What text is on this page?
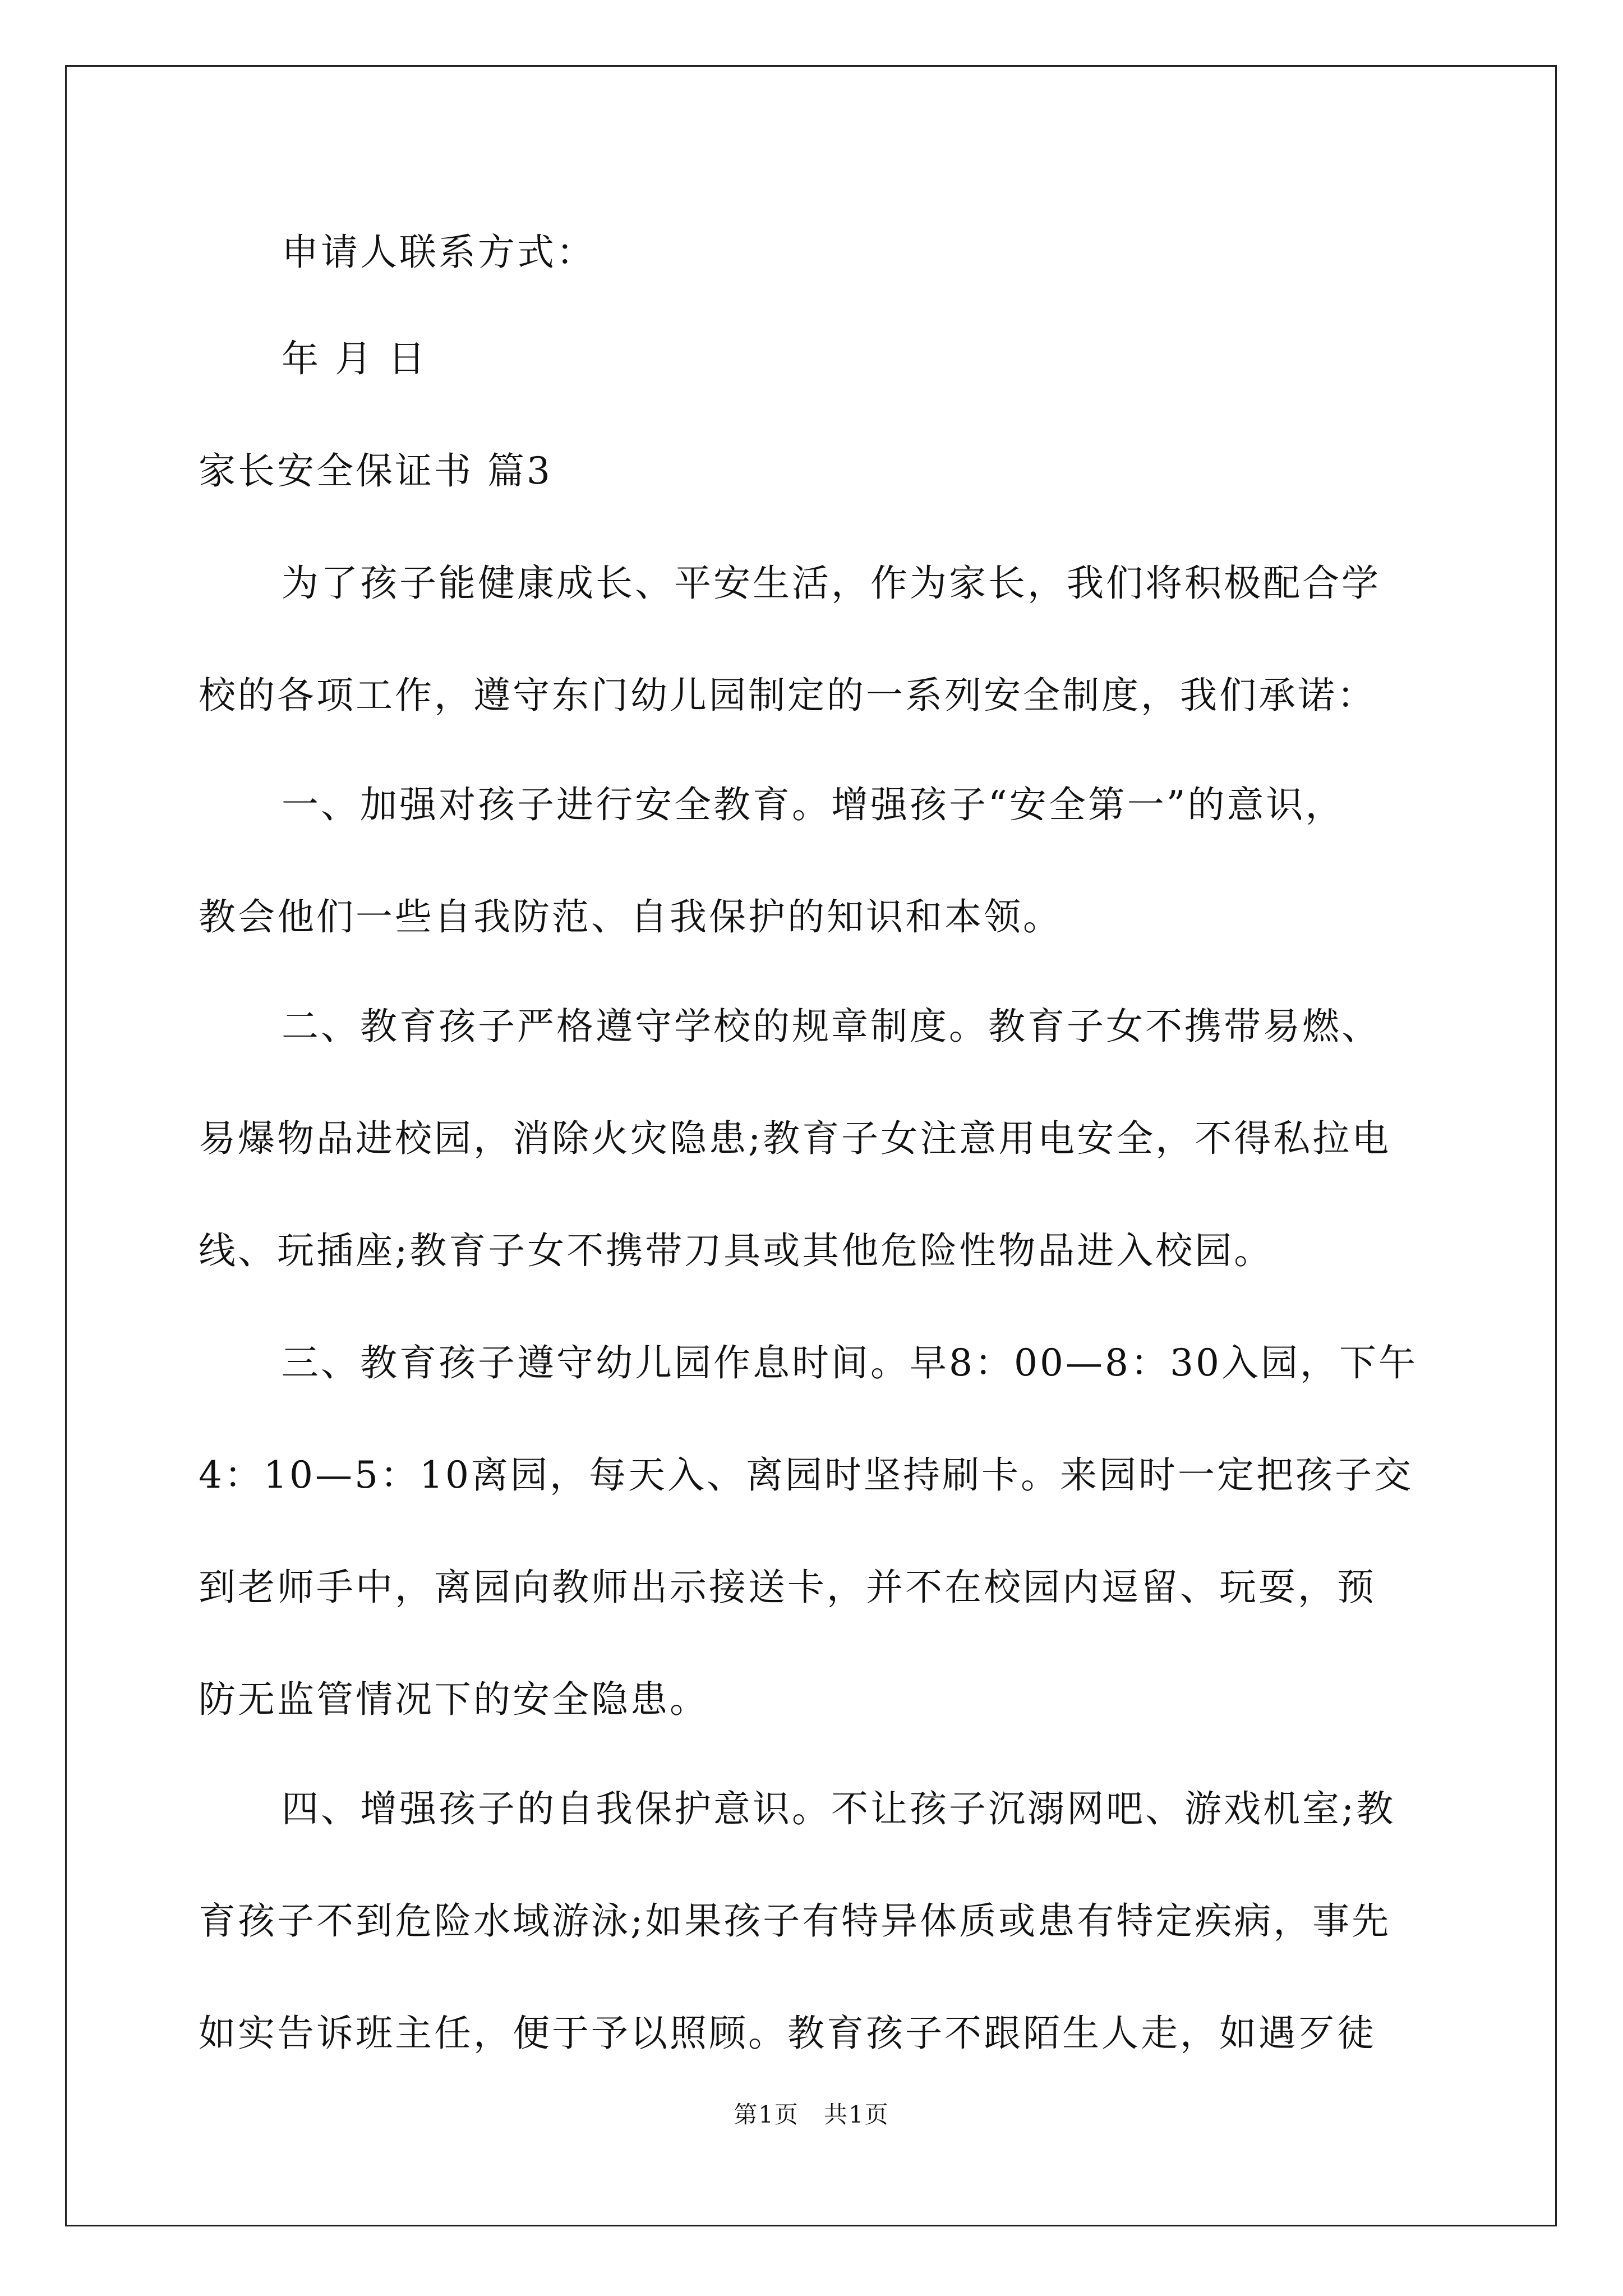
申请人联系方式：
年 月 日
家长安全保证书 篇3
为了孩子能健康成长、平安生活，作为家长，我们将积极配合学
校的各项工作，遵守东门幼儿园制定的一系列安全制度，我们承诺：
一、加强对孩子进行安全教育。增强孩子“安全第一”的意识，
教会他们一些自我防范、自我保护的知识和本领。
二、教育孩子严格遵守学校的规章制度。教育子女不携带易燃、
易爆物品进校园，消除火灾隐患;教育子女注意用电安全，不得私拉电
线、玩插座;教育子女不携带刀具或其他危险性物品进入校园。
三、教育孩子遵守幼儿园作息时间。早8：00—8：30入园，下午
4：10—5：10离园，每天入、离园时坚持刷卡。来园时一定把孩子交
到老师手中，离园向教师出示接送卡，并不在校园内逗留、玩耍，预
防无监管情况下的安全隐患。
四、增强孩子的自我保护意识。不让孩子沉溺网吧、游戏机室;教
育孩子不到危险水域游泳;如果孩子有特异体质或患有特定疾病，事先
如实告诉班主任，便于予以照顾。教育孩子不跟陌生人走，如遇歹徒
第1页　共1页
